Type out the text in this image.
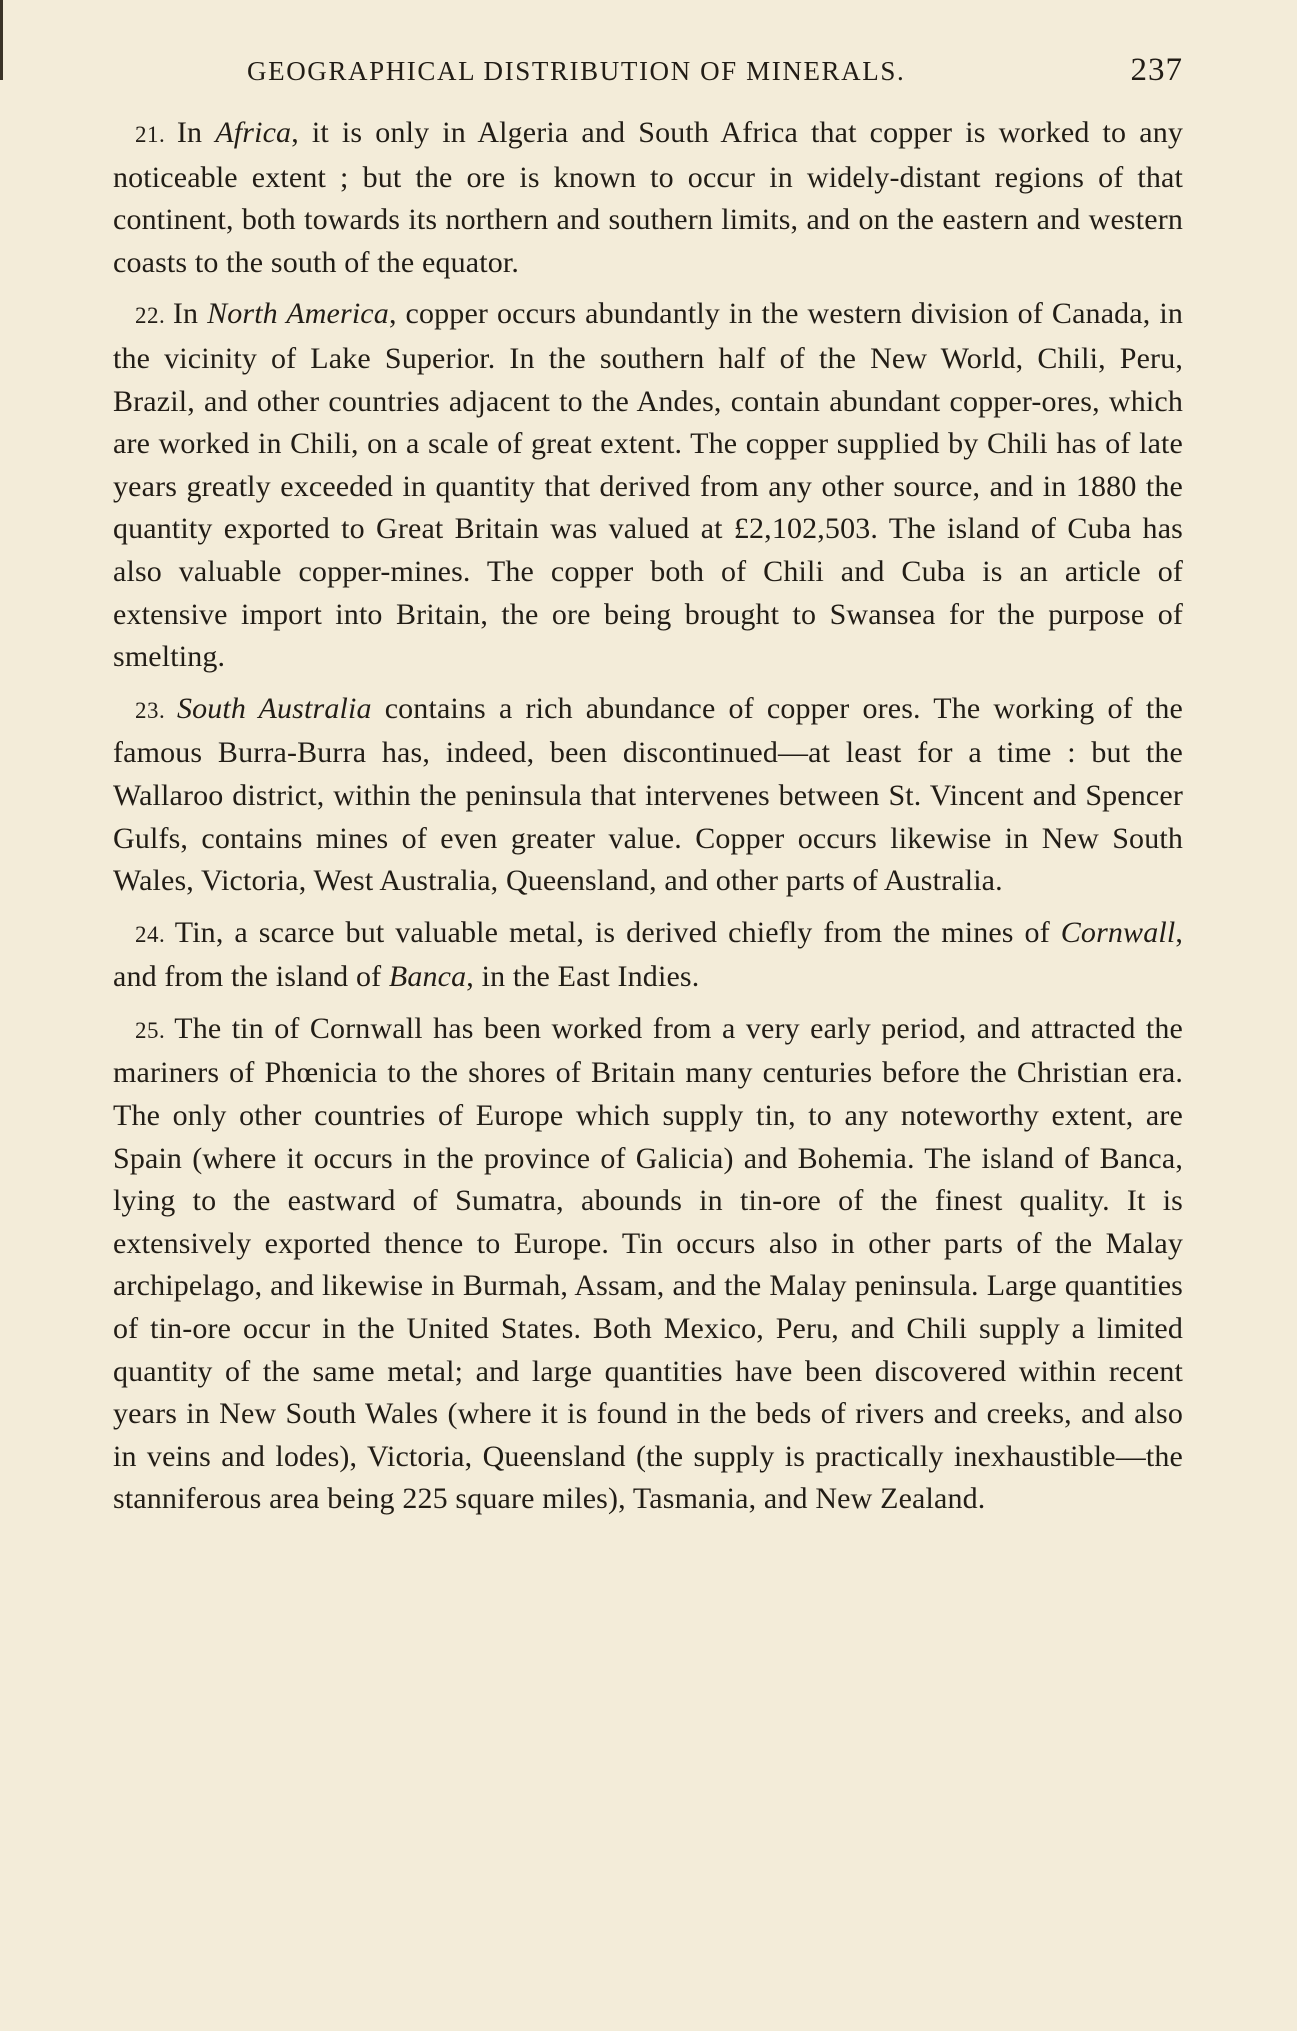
GEOGRAPHICAL DISTRIBUTION OF MINERALS.	237

21. In Africa, it is only in Algeria and South Africa that copper is worked to any noticeable extent ; but the ore is known to occur in widely-distant regions of that continent, both towards its northern and southern limits, and on the eastern and western coasts to the south of the equator.

22. In North America, copper occurs abundantly in the western division of Canada, in the vicinity of Lake Superior. In the southern half of the New World, Chili, Peru, Brazil, and other countries adjacent to the Andes, contain abundant copper-ores, which are worked in Chili, on a scale of great extent. The copper supplied by Chili has of late years greatly exceeded in quantity that derived from any other source, and in 1880 the quantity exported to Great Britain was valued at £2,102,503. The island of Cuba has also valuable copper-mines. The copper both of Chili and Cuba is an article of extensive import into Britain, the ore being brought to Swansea for the purpose of smelting.

23. South Australia contains a rich abundance of copper ores. The working of the famous Burra-Burra has, indeed, been discontinued—at least for a time : but the Wallaroo district, within the peninsula that intervenes between St. Vincent and Spencer Gulfs, contains mines of even greater value. Copper occurs likewise in New South Wales, Victoria, West Australia, Queensland, and other parts of Australia.

24. Tin, a scarce but valuable metal, is derived chiefly from the mines of Cornwall, and from the island of Banca, in the East Indies.

25. The tin of Cornwall has been worked from a very early period, and attracted the mariners of Phœnicia to the shores of Britain many centuries before the Christian era. The only other countries of Europe which supply tin, to any noteworthy extent, are Spain (where it occurs in the province of Galicia) and Bohemia. The island of Banca, lying to the eastward of Sumatra, abounds in tin-ore of the finest quality. It is extensively exported thence to Europe. Tin occurs also in other parts of the Malay archipelago, and likewise in Burmah, Assam, and the Malay peninsula. Large quantities of tin-ore occur in the United States. Both Mexico, Peru, and Chili supply a limited quantity of the same metal; and large quantities have been discovered within recent years in New South Wales (where it is found in the beds of rivers and creeks, and also in veins and lodes), Victoria, Queensland (the supply is practically inexhaustible—the stanniferous area being 225 square miles), Tasmania, and New Zealand.
